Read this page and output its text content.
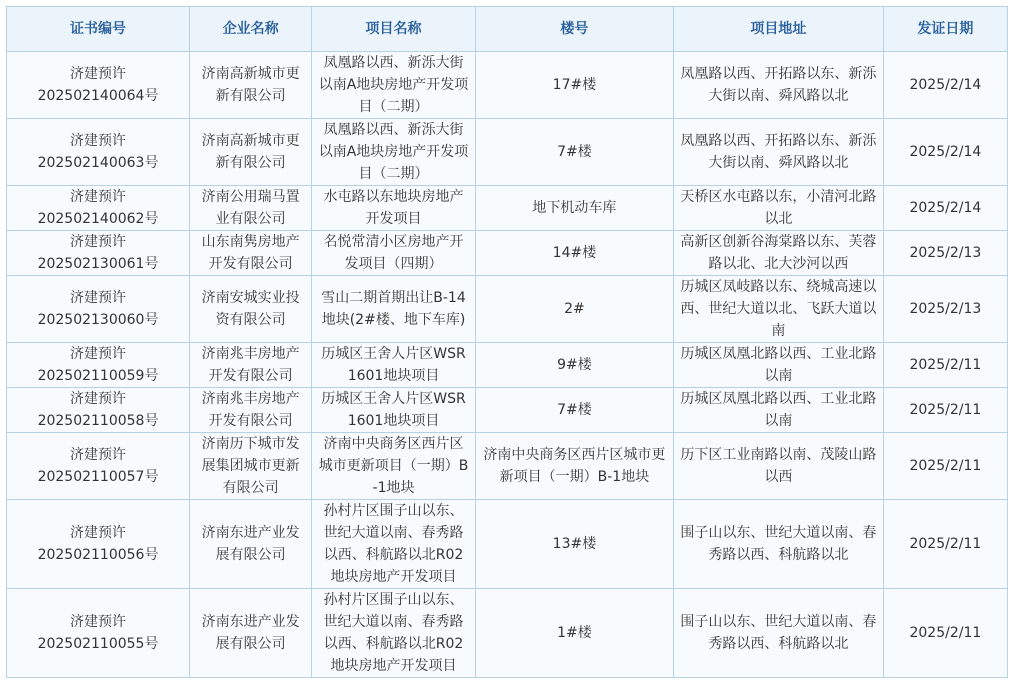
证书编号	企业名称	项目名称	楼号	项目地址	发证日期

济建预许
202502140064号	济南高新城市更新有限公司	凤凰路以西、新泺大街以南A地块房地产开发项目（二期）	17#楼	凤凰路以西、开拓路以东、新泺大街以南、舜风路以北	2025/2/14

济建预许
202502140063号	济南高新城市更新有限公司	凤凰路以西、新泺大街以南A地块房地产开发项目（二期）	7#楼	凤凰路以西、开拓路以东、新泺大街以南、舜风路以北	2025/2/14

济建预许
202502140062号	济南公用瑞马置业有限公司	水屯路以东地块房地产开发项目	地下机动车库	天桥区水屯路以东，小清河北路以北	2025/2/14

济建预许
202502130061号	山东南隽房地产开发有限公司	名悦常清小区房地产开发项目（四期）	14#楼	高新区创新谷海棠路以东、芙蓉路以北、北大沙河以西	2025/2/13

济建预许
202502130060号	济南安城实业投资有限公司	雪山二期首期出让B-14地块(2#楼、地下车库)	2#	历城区凤岐路以东、绕城高速以西、世纪大道以北、飞跃大道以南	2025/2/13

济建预许
202502110059号	济南兆丰房地产开发有限公司	历城区王舍人片区WSR1601地块项目	9#楼	历城区凤凰北路以西、工业北路以南	2025/2/11

济建预许
202502110058号	济南兆丰房地产开发有限公司	历城区王舍人片区WSR1601地块项目	7#楼	历城区凤凰北路以西、工业北路以南	2025/2/11

济建预许
202502110057号	济南历下城市发展集团城市更新有限公司	济南中央商务区西片区城市更新项目（一期）B-1地块	济南中央商务区西片区城市更新项目（一期）B-1地块	历下区工业南路以南、茂陵山路以西	2025/2/11

济建预许
202502110056号	济南东进产业发展有限公司	孙村片区围子山以东、世纪大道以南、春秀路以西、科航路以北R02地块房地产开发项目	13#楼	围子山以东、世纪大道以南、春秀路以西、科航路以北	2025/2/11

济建预许
202502110055号	济南东进产业发展有限公司	孙村片区围子山以东、世纪大道以南、春秀路以西、科航路以北R02地块房地产开发项目	1#楼	围子山以东、世纪大道以南、春秀路以西、科航路以北	2025/2/11
